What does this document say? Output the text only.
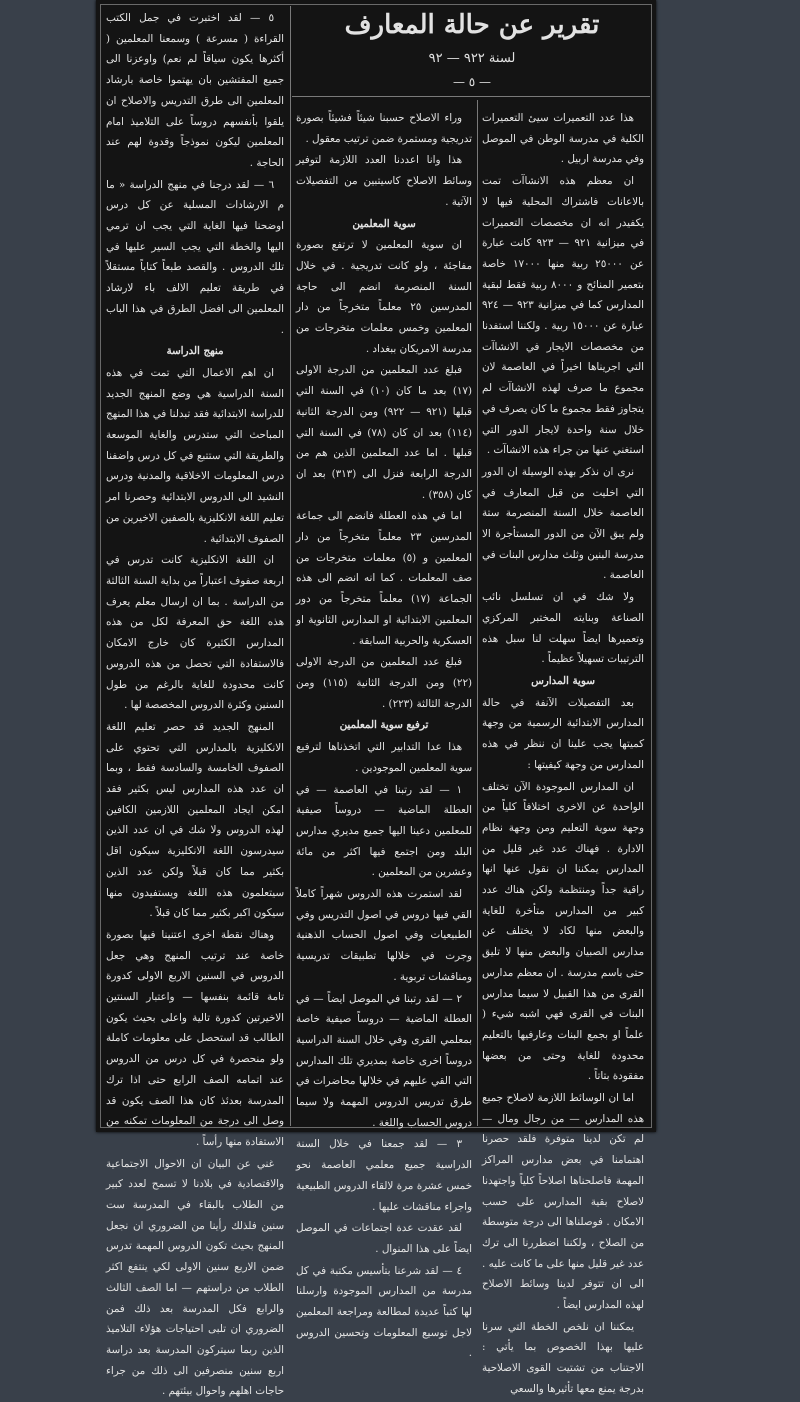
هذا عدد التعميرات سيئ التعميرات الكلية في مدرسة الوطن في الموصل وفي مدرسة اربيل .

ان معظم هذه الانشاآت تمت بالاعانات فاشتراك المحلية فيها لا يكفيدر انه ان مخصصات التعميرات في ميزانية ٩٢١ — ٩٢٣ كانت عبارة عن ٢٥٠٠٠ ربية منها ١٧٠٠٠ خاصة بتعمير المنائح و ٨٠٠٠ ربية فقط لبقية المدارس كما في ميزانية ٩٢٣ — ٩٢٤ عبارة عن ١٥٠٠٠ ربية . ولكننا استفدنا من مخصصات الايجار في الانشاآت التي اجريناها اخيراً في العاصمة لان مجموع ما صرف لهذه الانشاآت لم يتجاوز فقط مجموع ما كان يصرف في خلال سنة واحدة لايجار الدور التي استغني عنها من جراء هذه الانشاآت .

نرى ان نذكر بهذه الوسيلة ان الدور التي اخليت من قبل المعارف في العاصمة خلال السنة المنصرمة ستة ولم يبق الآن من الدور المستأجرة الا مدرسة البنين وثلث مدارس البنات في العاصمة .

ولا شك في ان تسلسل نائب الصناعة وبنايته المختبر المركزي وتعميرها ايضاً سهلت لنا سبل هذه الترتيبات تسهيلاً عظيماً .

سوية المدارس

بعد التفصيلات الآنفة في حالة المدارس الابتدائية الرسمية من وجهة كميتها يجب علينا ان ننظر في هذه المدارس من وجهة كيفيتها :

ان المدارس الموجودة الآن تختلف الواحدة عن الاخرى اختلافاً كلياً من وجهة سوية التعليم ومن وجهة نظام الادارة . فهناك عدد غير قليل من المدارس يمكننا ان نقول عنها انها راقية جداً ومنتظمة ولكن هناك عدد كبير من المدارس متأخرة للغاية والبعض منها لكاد لا يختلف عن مدارس الصبيان والبعض منها لا تليق حتى باسم مدرسة . ان معظم مدارس القرى من هذا القبيل لا سيما مدارس البنات في القرى فهي اشبه شيء ( علماً او بجمع البنات وعارفيها بالتعليم محدودة للغاية وحتى من بعضها مفقودة بتاتاً .

اما ان الوسائط اللازمة لاصلاح جميع هذه المدارس — من رجال ومال — لم تكن لدينا متوفرة فلقد حصرنا اهتمامنا في بعض مدارس المراكز المهمة فاصلحناها اصلاحاً كلياً واجتهدنا لاصلاح بقية المدارس على حسب الامكان . فوصلناها الى درجة متوسطة من الصلاح ، ولكننا اضطررنا الى ترك عدد غير قليل منها على ما كانت عليه . الى ان تتوفر لدينا وسائط الاصلاح لهذه المدارس ايضاً .

يمكننا ان نلخص الخطة التي سرنا عليها بهذا الخصوص بما يأتي : الاجتناب من تشتيت القوى الاصلاحية بدرجة يمنع معها تأثيرها والسعي

وراء الاصلاح حسبنا شيئاً فشيئاً بصورة تدريجية ومستمرة ضمن ترتيب معقول .

هذا وانا اعددنا العدد اللازمة لتوفير وسائط الاصلاح كاسيتبين من التفصيلات الآتية .

سوية المعلمين

ان سوية المعلمين لا ترتفع بصورة مفاجئة ، ولو كانت تدريجية . في خلال السنة المنصرمة انضم الى حاجة المدرسين ٢٥ معلماً متخرجاً من دار المعلمين وخمس معلمات متخرجات من مدرسة الامريكان ببغداد .

فبلغ عدد المعلمين من الدرجة الاولى (١٧) بعد ما كان (١٠) في السنة التي قبلها (٩٢١ — ٩٢٢) ومن الدرجة الثانية (١١٤) بعد ان كان (٧٨) في السنة التي قبلها . اما عدد المعلمين الذين هم من الدرجة الرابعة فنزل الى (٣١٣) بعد ان كان (٣٥٨) .

اما في هذه العطلة فانضم الى جماعة المدرسين ٢٣ معلماً متخرجاً من دار المعلمين و (٥) معلمات متخرجات من صف المعلمات . كما انه انضم الى هذه الجماعة (١٧) معلماً متخرجاً من دور المعلمين الابتدائية او المدارس الثانوية او العسكرية والحربية السابقة .

فبلغ عدد المعلمين من الدرجة الاولى (٢٢) ومن الدرجة الثانية (١١٥) ومن الدرجة الثالثة (٢٢٣) .

ترفيع سوية المعلمين

هذا عدا التدابير التي اتخذناها لترفيع سوية المعلمين الموجودين .

١ — لقد رتبنا في العاصمة — في العطلة الماضية — دروساً صيفية للمعلمين دعينا اليها جميع مديري مدارس البلد ومن اجتمع فيها اكثر من مائة وعشرين من المعلمين .

لقد استمرت هذه الدروس شهراً كاملاً القي فيها دروس في اصول التدريس وفي الطبيعيات وفي اصول الحساب الذهنية وجرت في خلالها تطبيقات تدريسية ومناقشات تربوية .

٢ — لقد رتبنا في الموصل ايضاً — في العطلة الماضية — دروساً صيفية خاصة بمعلمي القرى وفي خلال السنة الدراسية دروساً اخرى خاصة بمديري تلك المدارس التي القي عليهم في خلالها محاضرات في طرق تدريس الدروس المهمة ولا سيما دروس الحساب واللغة .

٣ — لقد جمعنا في خلال السنة الدراسية جميع معلمي العاصمة نحو خمس عشرة مرة لالقاء الدروس الطبيعية واجراء مناقشات عليها .

لقد عقدت عدة اجتماعات في الموصل ايضاً على هذا المنوال .

٤ — لقد شرعنا بتأسيس مكتبة في كل مدرسة من المدارس الموجودة وارسلنا لها كتباً عديدة لمطالعة ومراجعة المعلمين لاجل توسيع المعلومات وتحسين الدروس .

٥ — لقد اختبرت في جمل الكتب القراءة ( مسرعة ) وسمعنا المعلمين ( أكثرها يكون سياقاً لم نعم) واوعزنا الى جميع المفتشين بان يهتموا خاصة بارشاد المعلمين الى طرق التدريس والاصلاح ان يلقوا بأنفسهم دروساً على التلاميذ امام المعلمين ليكون نموذجاً وقدوة لهم عند الحاجة .

٦ — لقد درجنا في منهج الدراسة « ما م الارشادات المسلية عن كل درس اوضحنا فيها الغاية التي يجب ان ترمي اليها والخطة التي يجب السير عليها في تلك الدروس . والقصد طبعاً كتاباً مستقلاً في طريقة تعليم الالف باء لارشاد المعلمين الى افضل الطرق في هذا الباب .

منهج الدراسة

ان اهم الاعمال التي تمت في هذه السنة الدراسية هي وضع المنهج الجديد للدراسة الابتدائية فقد تبدلنا في هذا المنهج المباحث التي ستدرس والغاية الموسعة والطريقة التي ستتبع في كل درس واضفنا درس المعلومات الاخلاقية والمدنية ودرس النشيد الى الدروس الابتدائية وحصرنا امر تعليم اللغة الانكليزية بالصفين الاخيرين من الصفوف الابتدائية .

ان اللغة الانكليزية كانت تدرس في اربعة صفوف اعتباراً من بداية السنة الثالثة من الدراسة . بما ان ارسال معلم يعرف هذه اللغة حق المعرفة لكل من هذه المدارس الكثيرة كان خارج الامكان فالاستفادة التي تحصل من هذه الدروس كانت محدودة للغاية بالرغم من طول السنين وكثرة الدروس المخصصة لها .

المنهج الجديد قد حصر تعليم اللغة الانكليزية بالمدارس التي تحتوي على الصفوف الخامسة والسادسة فقط ، وبما ان عدد هذه المدارس ليس بكثير فقد امكن ايجاد المعلمين اللازمين الكافين لهذه الدروس ولا شك في ان عدد الذين سيدرسون اللغة الانكليزية سيكون اقل بكثير مما كان قبلاً ولكن عدد الذين سيتعلمون هذه اللغة ويستفيدون منها سيكون اكبر بكثير مما كان قبلاً .

وهناك نقطة اخرى اعتنينا فيها بصورة خاصة عند ترتيب المنهج وهي جعل الدروس في السنين الاربع الاولى كدورة تامة قائمة بنفسها — واعتبار السنتين الاخيرتين كدورة تالية واعلى بحيث يكون الطالب قد استحصل على معلومات كاملة ولو منحصرة في كل درس من الدروس عند اتمامه الصف الرابع حتى اذا ترك المدرسة بعدئذ كان هذا الصف يكون قد وصل الى درجة من المعلومات تمكنه من الاستفادة منها رأساً .

غني عن البيان ان الاحوال الاجتماعية والاقتصادية في بلادنا لا تسمح لعدد كبير من الطلاب بالبقاء في المدرسة ست سنين فلذلك رأينا من الضروري ان نجعل المنهج بحيث تكون الدروس المهمة تدرس ضمن الاربع سنين الاولى لكي ينتفع اكثر الطلاب من دراستهم — اما الصف الثالث والرابع فكل المدرسة بعد ذلك فمن الضروري ان تلبى احتياجات هؤلاء التلاميذ الذين ربما سيتركون المدرسة بعد دراسة اربع سنين منصرفين الى ذلك من جراء حاجات اهلهم واحوال بيئتهم .

تقرير عن حالة المعارف
لسنة ٩٢٢ — ٩٢
— ٥ —
